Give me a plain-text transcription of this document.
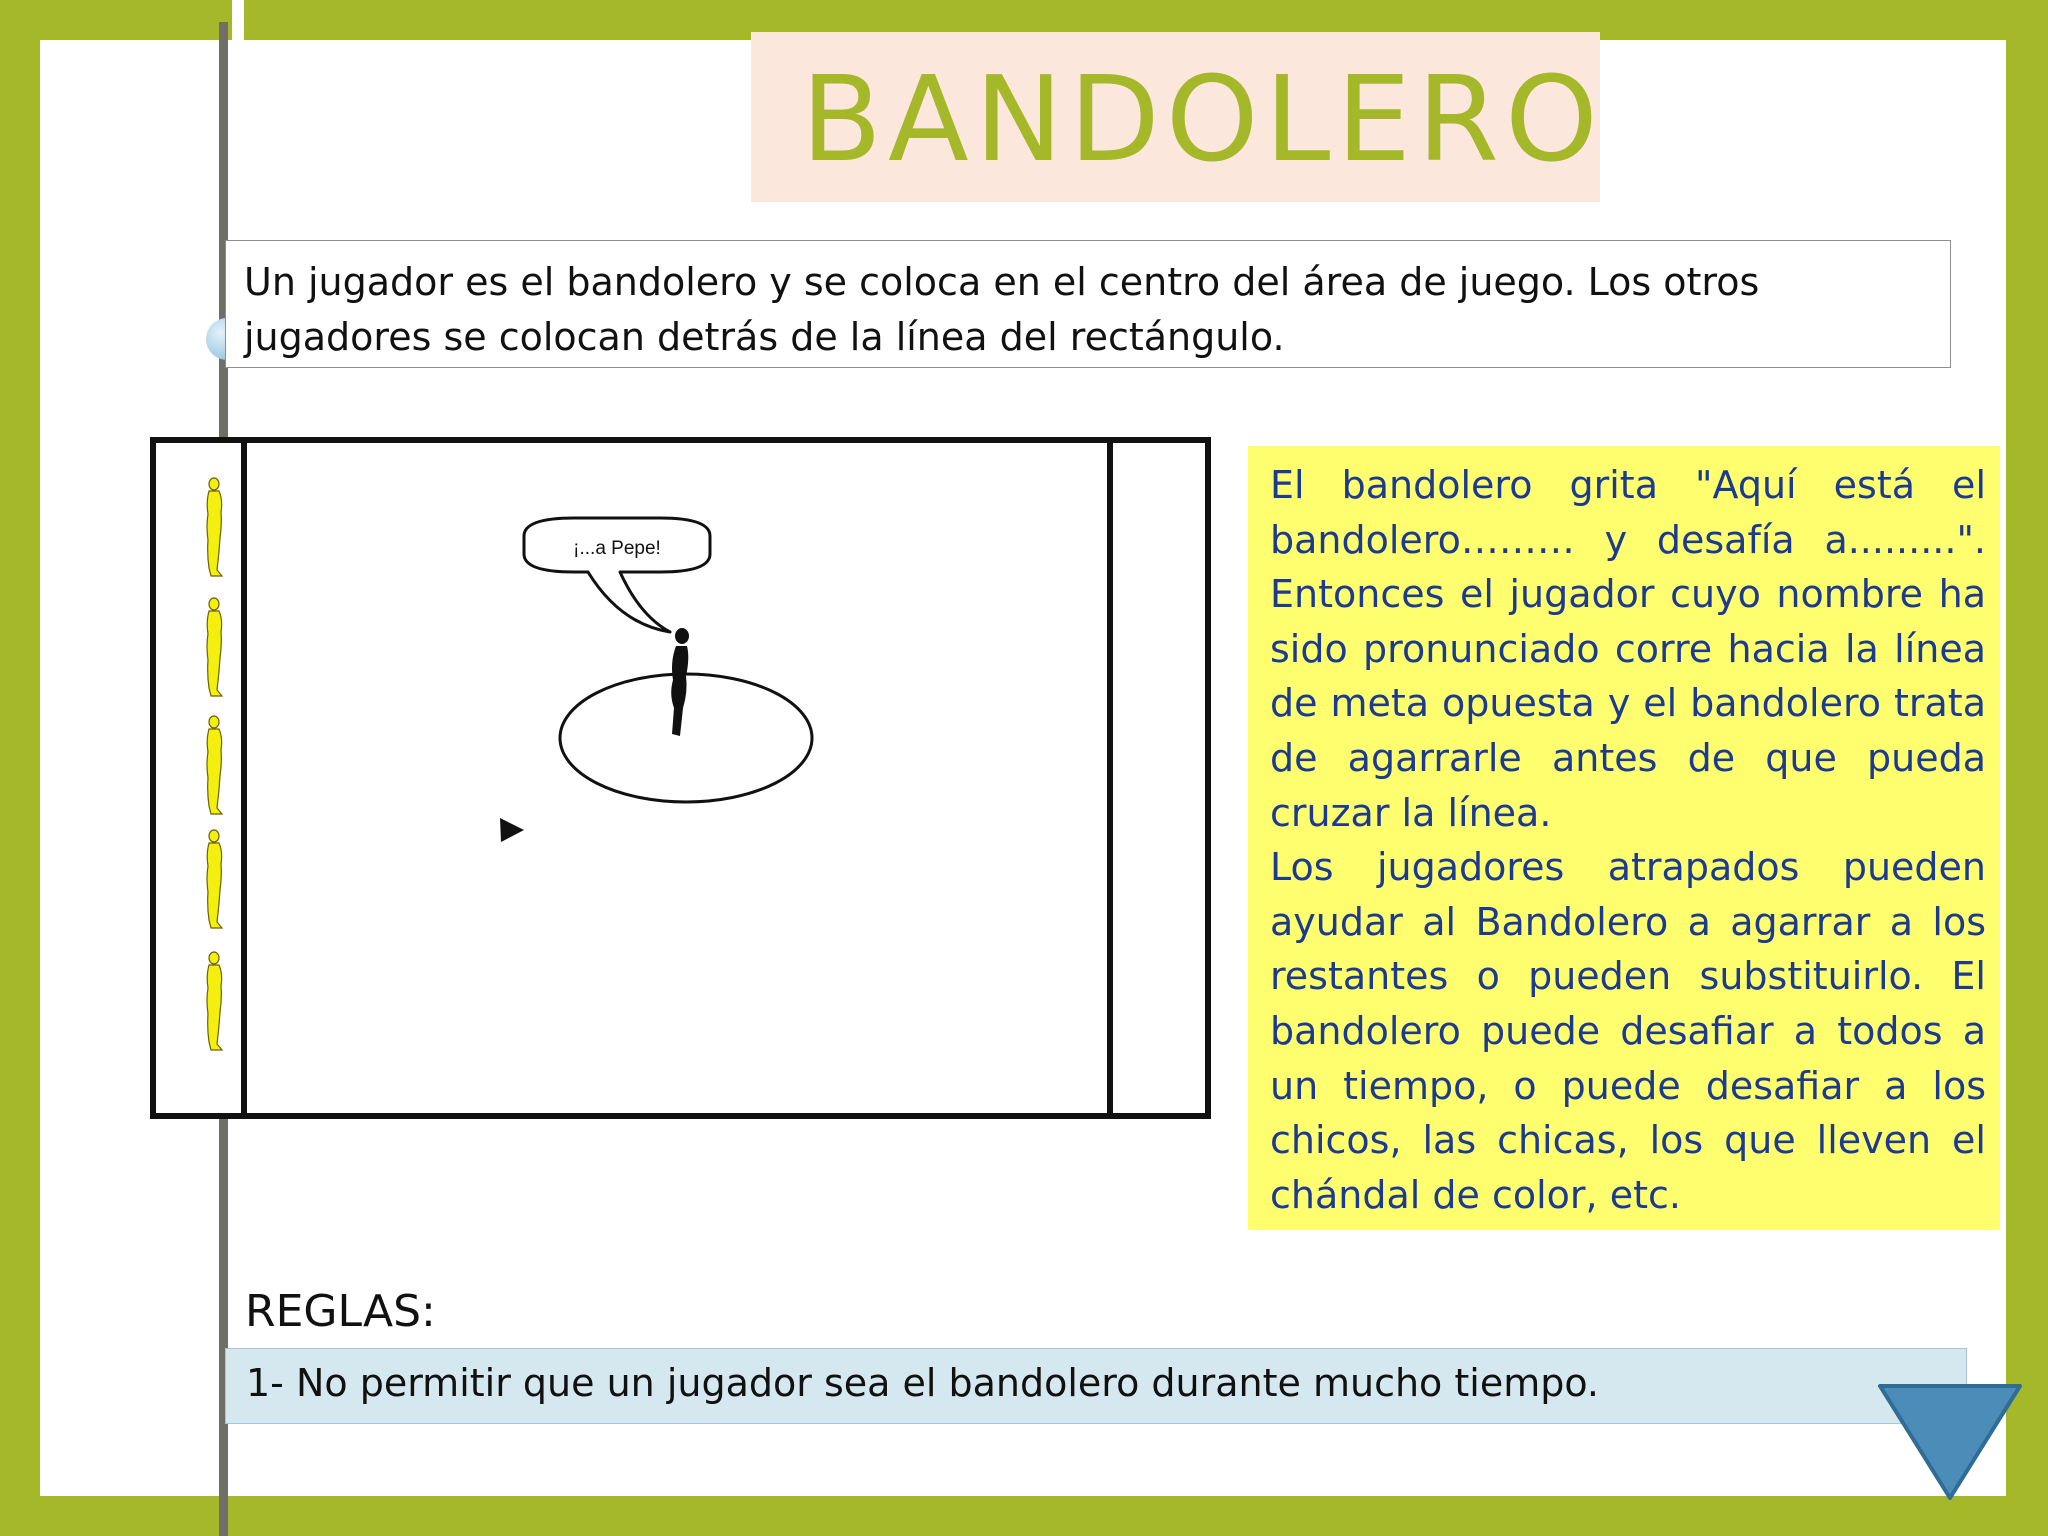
BANDOLERO
Un jugador es el bandolero y se coloca en el centro del área de juego. Los otros jugadores se colocan detrás de la línea del rectángulo.
¡...a Pepe!

El bandolero grita "Aquí está el bandolero……… y desafía a.........". Entonces el jugador cuyo nombre ha sido pronunciado corre hacia la línea de meta opuesta y el bandolero trata de agarrarle antes de que pueda cruzar la línea.

Los jugadores atrapados pueden ayudar al Bandolero a agarrar a los restantes o pueden substituirlo. El bandolero puede desafiar a todos a un tiempo, o puede desafiar a los chicos, las chicas, los que lleven el chándal de color, etc.

REGLAS:
1- No permitir que un jugador sea el bandolero durante mucho tiempo.
